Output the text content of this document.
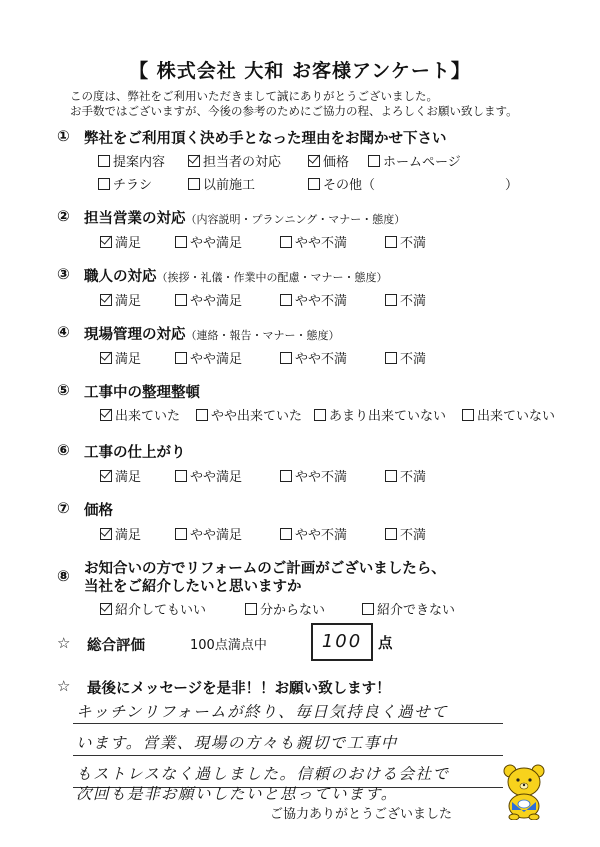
【 株式会社 大和 お客様アンケート】
この度は、弊社をご利用いただきまして誠にありがとうございました。
お手数ではございますが、今後の参考のためにご協力の程、よろしくお願い致します。
① 弊社をご利用頂く決め手となった理由をお聞かせ下さい
提案内容	担当者の対応	価格	ホームページ
チラシ	以前施工	その他（	）
② 担当営業の対応（内容説明・プランニング・マナー・態度）
満足	やや満足	やや不満	不満
③ 職人の対応（挨拶・礼儀・作業中の配慮・マナー・態度）
満足	やや満足	やや不満	不満
④ 現場管理の対応（連絡・報告・マナー・態度）
満足	やや満足	やや不満	不満
⑤ 工事中の整理整頓
出来ていた	やや出来ていた	あまり出来ていない	出来ていない
⑥ 工事の仕上がり
満足	やや満足	やや不満	不満
⑦ 価格
満足	やや満足	やや不満	不満
⑧ お知合いの方でリフォームのご計画がございましたら、
当社をご紹介したいと思いますか
紹介してもいい	分からない	紹介できない
☆ 総合評価	100点満点中	100	点
☆ 最後にメッセージを是非！！お願い致します！
キッチンリフォームが終り、毎日気持良く過せて
います。営業、現場の方々も親切で工事中
もストレスなく過しました。信頼のおける会社で
次回も是非お願いしたいと思っています。
ご協力ありがとうございました
